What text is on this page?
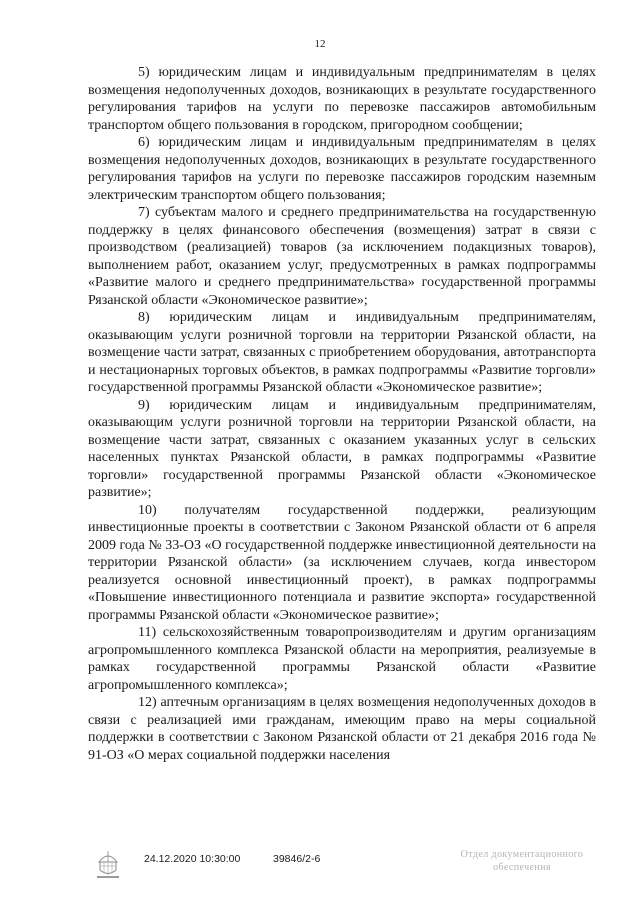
12

5) юридическим лицам и индивидуальным предпринимателям в целях возмещения недополученных доходов, возникающих в результате государственного регулирования тарифов на услуги по перевозке пассажиров автомобильным транспортом общего пользования в городском, пригородном сообщении;

6) юридическим лицам и индивидуальным предпринимателям в целях возмещения недополученных доходов, возникающих в результате государственного регулирования тарифов на услуги по перевозке пассажиров городским наземным электрическим транспортом общего пользования;

7) субъектам малого и среднего предпринимательства на государственную поддержку в целях финансового обеспечения (возмещения) затрат в связи с производством (реализацией) товаров (за исключением подакцизных товаров), выполнением работ, оказанием услуг, предусмотренных в рамках подпрограммы «Развитие малого и среднего предпринимательства» государственной программы Рязанской области «Экономическое развитие»;

8) юридическим лицам и индивидуальным предпринимателям, оказывающим услуги розничной торговли на территории Рязанской области, на возмещение части затрат, связанных с приобретением оборудования, автотранспорта и нестационарных торговых объектов, в рамках подпрограммы «Развитие торговли» государственной программы Рязанской области «Экономическое развитие»;

9) юридическим лицам и индивидуальным предпринимателям, оказывающим услуги розничной торговли на территории Рязанской области, на возмещение части затрат, связанных с оказанием указанных услуг в сельских населенных пунктах Рязанской области, в рамках подпрограммы «Развитие торговли» государственной программы Рязанской области «Экономическое развитие»;

10) получателям государственной поддержки, реализующим инвестиционные проекты в соответствии с Законом Рязанской области от 6 апреля 2009 года № 33-ОЗ «О государственной поддержке инвестиционной деятельности на территории Рязанской области» (за исключением случаев, когда инвестором реализуется основной инвестиционный проект), в рамках подпрограммы «Повышение инвестиционного потенциала и развитие экспорта» государственной программы Рязанской области «Экономическое развитие»;

11) сельскохозяйственным товаропроизводителям и другим организациям агропромышленного комплекса Рязанской области на мероприятия, реализуемые в рамках государственной программы Рязанской области «Развитие агропромышленного комплекса»;

12) аптечным организациям в целях возмещения недополученных доходов в связи с реализацией ими гражданам, имеющим право на меры социальной поддержки в соответствии с Законом Рязанской области от 21 декабря 2016 года № 91-ОЗ «О мерах социальной поддержки населения

24.12.2020 10:30:00	39846/2-6	Отдел документационного
обеспечения
